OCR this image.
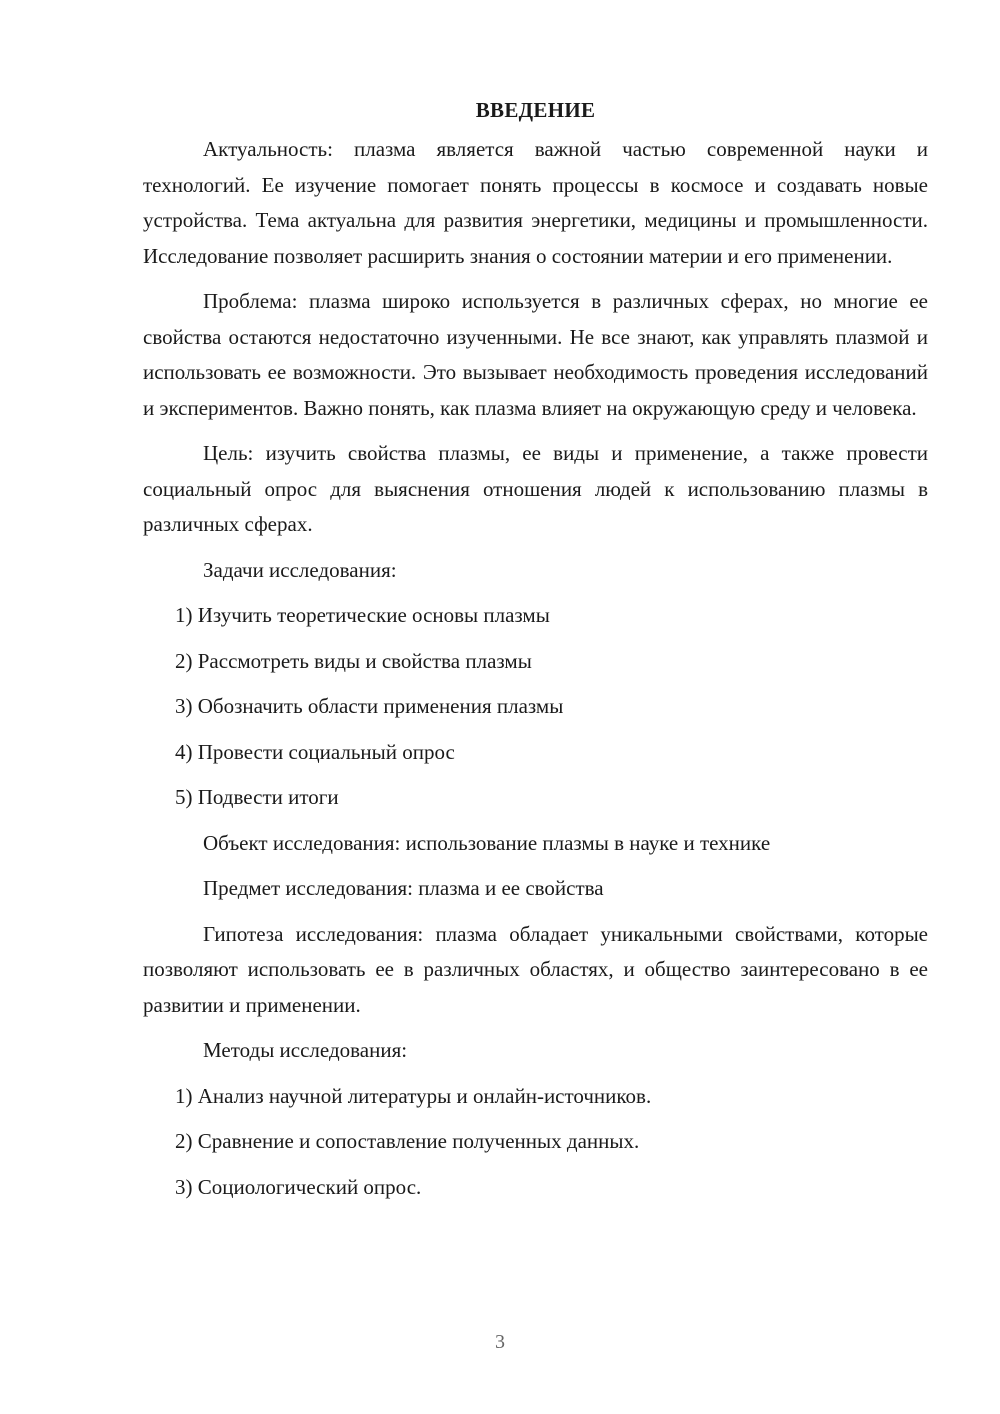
ВВЕДЕНИЕ

Актуальность: плазма является важной частью современной науки и технологий. Ее изучение помогает понять процессы в космосе и создавать новые устройства. Тема актуальна для развития энергетики, медицины и промышленности. Исследование позволяет расширить знания о состоянии материи и его применении.

Проблема: плазма широко используется в различных сферах, но многие ее свойства остаются недостаточно изученными. Не все знают, как управлять плазмой и использовать ее возможности. Это вызывает необходимость проведения исследований и экспериментов. Важно понять, как плазма влияет на окружающую среду и человека.

Цель: изучить свойства плазмы, ее виды и применение, а также провести социальный опрос для выяснения отношения людей к использованию плазмы в различных сферах.

Задачи исследования:
1) Изучить теоретические основы плазмы
2) Рассмотреть виды и свойства плазмы
3) Обозначить области применения плазмы
4) Провести социальный опрос
5) Подвести итоги
Объект исследования: использование плазмы в науке и технике
Предмет исследования: плазма и ее свойства

Гипотеза исследования: плазма обладает уникальными свойствами, которые позволяют использовать ее в различных областях, и общество заинтересовано в ее развитии и применении.

Методы исследования:
1) Анализ научной литературы и онлайн-источников.
2) Сравнение и сопоставление полученных данных.
3) Социологический опрос.
3
